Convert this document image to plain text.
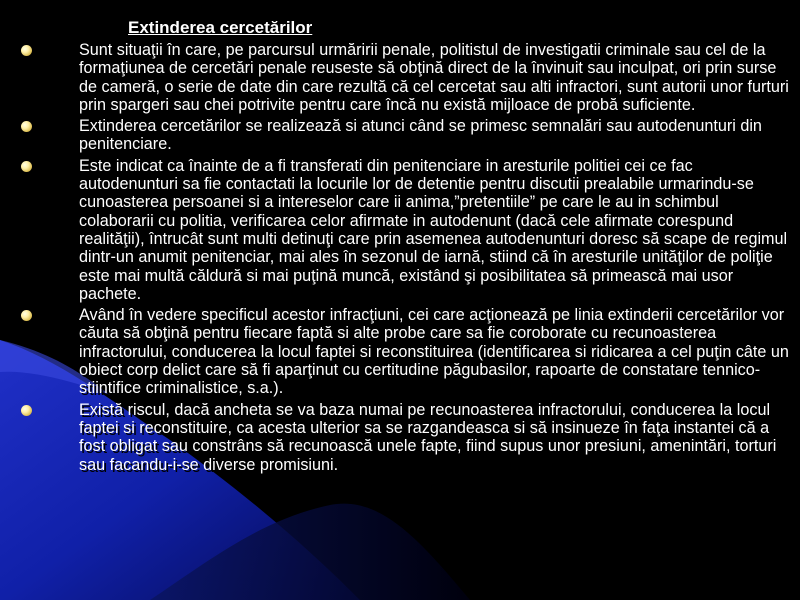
Extinderea cercetărilor
Sunt situaţii în care, pe parcursul urmăririi penale, politistul de investigatii criminale sau cel de la formaţiunea de cercetări penale reuseste să obţină direct de la învinuit sau inculpat, ori prin surse de cameră, o serie de date din care rezultă că cel cercetat sau alti infractori, sunt autorii unor furturi prin spargeri sau chei potrivite pentru care încă nu există mijloace de probă suficiente.
Extinderea cercetărilor se realizează si atunci când se primesc semnalări sau autodenunturi din penitenciare.
Este indicat ca înainte de a fi transferati din penitenciare in aresturile politiei cei ce fac autodenunturi sa fie contactati la locurile lor de detentie pentru discutii prealabile urmarindu-se cunoasterea persoanei si a intereselor care ii anima,”pretentiile” pe care le au in schimbul colaborarii cu politia, verificarea celor afirmate in autodenunt (dacă cele afirmate corespund realităţii), întrucât sunt multi detinuţi care prin asemenea autodenunturi doresc să scape de regimul dintr-un anumit penitenciar, mai ales în sezonul de iarnă, stiind că în aresturile unităţilor de poliţie este mai multă căldură si mai puţină muncă, existând şi posibilitatea să primească mai usor pachete.
Având în vedere specificul acestor infracţiuni, cei care acţionează pe linia extinderii cercetărilor vor căuta să obţină pentru fiecare faptă si alte probe care sa fie coroborate cu recunoasterea infractorului, conducerea la locul faptei si reconstituirea (identificarea si ridicarea a cel puţin câte un obiect corp delict care să fi aparţinut cu certitudine păgubasilor, rapoarte de constatare tennico-stiintifice criminalistice, s.a.).
Există riscul, dacă ancheta se va baza numai pe recunoasterea infractorului, conducerea la locul faptei si reconstituire, ca acesta ulterior sa se razgandeasca si să insinueze în faţa instantei că a fost obligat sau constrâns să recunoască unele fapte, fiind supus unor presiuni, amenintări, torturi sau facandu-i-se diverse promisiuni.
